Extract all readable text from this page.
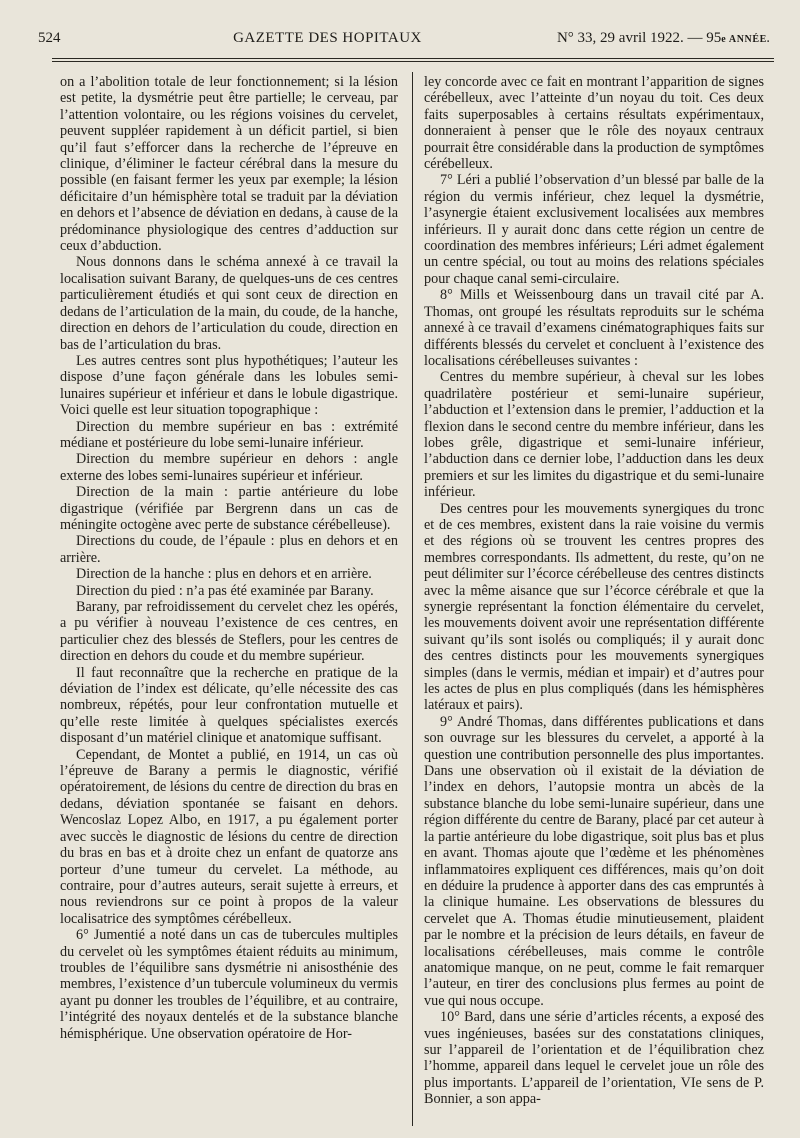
524	GAZETTE DES HOPITAUX	N° 33, 29 avril 1922. — 95e ANNÉE.

on a l’abolition totale de leur fonctionnement; si la lésion est petite, la dysmétrie peut être partielle; le cerveau, par l’attention volontaire, ou les régions voisines du cervelet, peuvent suppléer rapidement à un déficit partiel, si bien qu’il faut s’efforcer dans la recherche de l’épreuve en clinique, d’éliminer le facteur cérébral dans la mesure du possible (en faisant fermer les yeux par exemple; la lésion déficitaire d’un hémisphère total se traduit par la déviation en dehors et l’absence de déviation en dedans, à cause de la prédominance physiologique des centres d’adduction sur ceux d’abduction.

Nous donnons dans le schéma annexé à ce travail la localisation suivant Barany, de quelques-uns de ces centres particulièrement étudiés et qui sont ceux de direction en dedans de l’articulation de la main, du coude, de la hanche, direction en dehors de l’articulation du coude, direction en bas de l’articulation du bras.

Les autres centres sont plus hypothétiques; l’auteur les dispose d’une façon générale dans les lobules semi-lunaires supérieur et inférieur et dans le lobule digastrique. Voici quelle est leur situation topographique :

Direction du membre supérieur en bas : extrémité médiane et postérieure du lobe semi-lunaire inférieur.

Direction du membre supérieur en dehors : angle externe des lobes semi-lunaires supérieur et inférieur.

Direction de la main : partie antérieure du lobe digastrique (vérifiée par Bergrenn dans un cas de méningite octogène avec perte de substance cérébelleuse).

Directions du coude, de l’épaule : plus en dehors et en arrière.

Direction de la hanche : plus en dehors et en arrière.

Direction du pied : n’a pas été examinée par Barany.

Barany, par refroidissement du cervelet chez les opérés, a pu vérifier à nouveau l’existence de ces centres, en particulier chez des blessés de Steflers, pour les centres de direction en dehors du coude et du membre supérieur.

Il faut reconnaître que la recherche en pratique de la déviation de l’index est délicate, qu’elle nécessite des cas nombreux, répétés, pour leur confrontation mutuelle et qu’elle reste limitée à quelques spécialistes exercés disposant d’un matériel clinique et anatomique suffisant.

Cependant, de Montet a publié, en 1914, un cas où l’épreuve de Barany a permis le diagnostic, vérifié opératoirement, de lésions du centre de direction du bras en dedans, déviation spontanée se faisant en dehors. Wencoslaz Lopez Albo, en 1917, a pu également porter avec succès le diagnostic de lésions du centre de direction du bras en bas et à droite chez un enfant de quatorze ans porteur d’une tumeur du cervelet. La méthode, au contraire, pour d’autres auteurs, serait sujette à erreurs, et nous reviendrons sur ce point à propos de la valeur localisatrice des symptômes cérébelleux.

6° Jumentié a noté dans un cas de tubercules multiples du cervelet où les symptômes étaient réduits au minimum, troubles de l’équilibre sans dysmétrie ni anisosthénie des membres, l’existence d’un tubercule volumineux du vermis ayant pu donner les troubles de l’équilibre, et au contraire, l’intégrité des noyaux dentelés et de la substance blanche hémisphérique. Une observation opératoire de Hor-

ley concorde avec ce fait en montrant l’apparition de signes cérébelleux, avec l’atteinte d’un noyau du toit. Ces deux faits superposables à certains résultats expérimentaux, donneraient à penser que le rôle des noyaux centraux pourrait être considérable dans la production de symptômes cérébelleux.

7° Léri a publié l’observation d’un blessé par balle de la région du vermis inférieur, chez lequel la dysmétrie, l’asynergie étaient exclusivement localisées aux membres inférieurs. Il y aurait donc dans cette région un centre de coordination des membres inférieurs; Léri admet également un centre spécial, ou tout au moins des relations spéciales pour chaque canal semi-circulaire.

8° Mills et Weissenbourg dans un travail cité par A. Thomas, ont groupé les résultats reproduits sur le schéma annexé à ce travail d’examens cinématographiques faits sur différents blessés du cervelet et concluent à l’existence des localisations cérébelleuses suivantes :

Centres du membre supérieur, à cheval sur les lobes quadrilatère postérieur et semi-lunaire supérieur, l’abduction et l’extension dans le premier, l’adduction et la flexion dans le second centre du membre inférieur, dans les lobes grêle, digastrique et semi-lunaire inférieur, l’abduction dans ce dernier lobe, l’adduction dans les deux premiers et sur les limites du digastrique et du semi-lunaire inférieur.

Des centres pour les mouvements synergiques du tronc et de ces membres, existent dans la raie voisine du vermis et des régions où se trouvent les centres propres des membres correspondants. Ils admettent, du reste, qu’on ne peut délimiter sur l’écorce cérébelleuse des centres distincts avec la même aisance que sur l’écorce cérébrale et que la synergie représentant la fonction élémentaire du cervelet, les mouvements doivent avoir une représentation différente suivant qu’ils sont isolés ou compliqués; il y aurait donc des centres distincts pour les mouvements synergiques simples (dans le vermis, médian et impair) et d’autres pour les actes de plus en plus compliqués (dans les hémisphères latéraux et pairs).

9° André Thomas, dans différentes publications et dans son ouvrage sur les blessures du cervelet, a apporté à la question une contribution personnelle des plus importantes. Dans une observation où il existait de la déviation de l’index en dehors, l’autopsie montra un abcès de la substance blanche du lobe semi-lunaire supérieur, dans une région différente du centre de Barany, placé par cet auteur à la partie antérieure du lobe digastrique, soit plus bas et plus en avant. Thomas ajoute que l’œdème et les phénomènes inflammatoires expliquent ces différences, mais qu’on doit en déduire la prudence à apporter dans des cas empruntés à la clinique humaine. Les observations de blessures du cervelet que A. Thomas étudie minutieusement, plaident par le nombre et la précision de leurs détails, en faveur de localisations cérébelleuses, mais comme le contrôle anatomique manque, on ne peut, comme le fait remarquer l’auteur, en tirer des conclusions plus fermes au point de vue qui nous occupe.

10° Bard, dans une série d’articles récents, a exposé des vues ingénieuses, basées sur des constatations cliniques, sur l’appareil de l’orientation et de l’équilibration chez l’homme, appareil dans lequel le cervelet joue un rôle des plus importants. L’appareil de l’orientation, VIe sens de P. Bonnier, a son appa-
